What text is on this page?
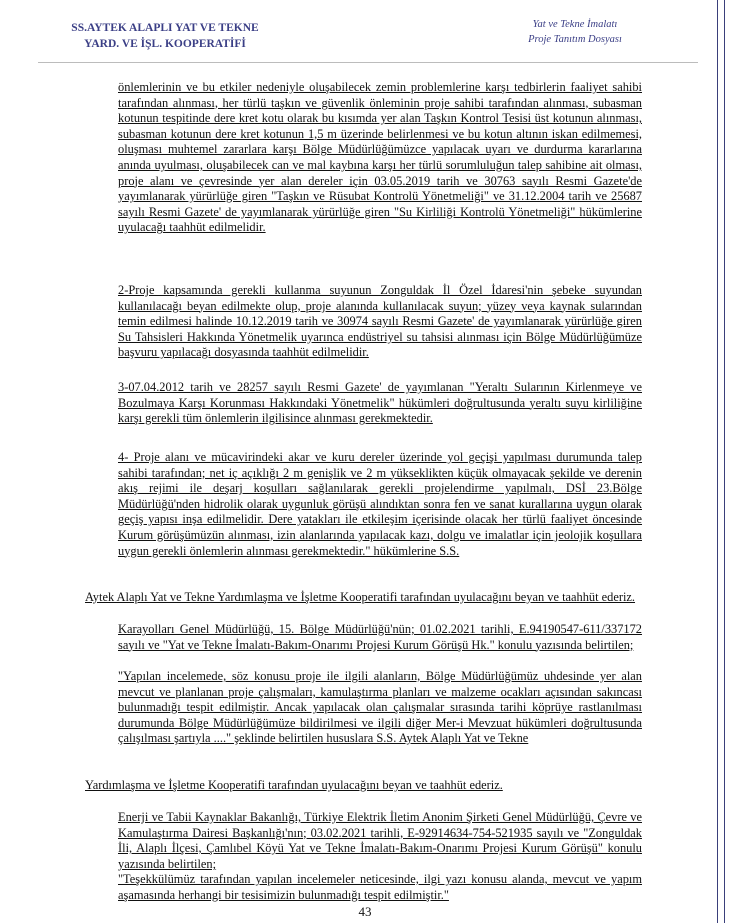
SS.AYTEK ALAPLI YAT VE TEKNE
YARD. VE İŞL. KOOPERATİFİ
Yat ve Tekne İmalatı
Proje Tanıtım Dosyası
önlemlerinin ve bu etkiler nedeniyle oluşabilecek zemin problemlerine karşı tedbirlerin faaliyet sahibi tarafından alınması, her türlü taşkın ve güvenlik önleminin proje sahibi tarafından alınması, subasman kotunun tespitinde dere kret kotu olarak bu kısımda yer alan Taşkın Kontrol Tesisi üst kotunun alınması, subasman kotunun dere kret kotunun 1,5 m üzerinde belirlenmesi ve bu kotun altının iskan edilmemesi, oluşması muhtemel zararlara karşı Bölge Müdürlüğümüzce yapılacak uyarı ve durdurma kararlarına anında uyulması, oluşabilecek can ve mal kaybına karşı her türlü sorumluluğun talep sahibine ait olması, proje alanı ve çevresinde yer alan dereler için 03.05.2019 tarih ve 30763 sayılı Resmi Gazete'de yayımlanarak yürürlüğe giren "Taşkın ve Rüsubat Kontrolü Yönetmeliği" ve 31.12.2004 tarih ve 25687 sayılı Resmi Gazete' de yayımlanarak yürürlüğe giren "Su Kirliliği Kontrolü Yönetmeliği" hükümlerine uyulacağı taahhüt edilmelidir.
2-Proje kapsamında gerekli kullanma suyunun Zonguldak İl Özel İdaresi'nin şebeke suyundan kullanılacağı beyan edilmekte olup, proje alanında kullanılacak suyun; yüzey veya kaynak sularından temin edilmesi halinde 10.12.2019 tarih ve 30974 sayılı Resmi Gazete' de yayımlanarak yürürlüğe giren Su Tahsisleri Hakkında Yönetmelik uyarınca endüstriyel su tahsisi alınması için Bölge Müdürlüğümüze başvuru yapılacağı dosyasında taahhüt edilmelidir.
3-07.04.2012 tarih ve 28257 sayılı Resmi Gazete' de yayımlanan "Yeraltı Sularının Kirlenmeye ve Bozulmaya Karşı Korunması Hakkındaki Yönetmelik" hükümleri doğrultusunda yeraltı suyu kirliliğine karşı gerekli tüm önlemlerin ilgilisince alınması gerekmektedir.
4- Proje alanı ve mücavirindeki akar ve kuru dereler üzerinde yol geçişi yapılması durumunda talep sahibi tarafından; net iç açıklığı 2 m genişlik ve 2 m yükseklikten küçük olmayacak şekilde ve derenin akış rejimi ile deşarj koşulları sağlanılarak gerekli projelendirme yapılmalı, DSİ 23.Bölge Müdürlüğü'nden hidrolik olarak uygunluk görüşü alındıktan sonra fen ve sanat kurallarına uygun olarak geçiş yapısı inşa edilmelidir. Dere yatakları ile etkileşim içerisinde olacak her türlü faaliyet öncesinde Kurum görüşümüzün alınması, izin alanlarında yapılacak kazı, dolgu ve imalatlar için jeolojik koşullara uygun gerekli önlemlerin alınması gerekmektedir." hükümlerine S.S.
Aytek Alaplı Yat ve Tekne Yardımlaşma ve İşletme Kooperatifi tarafından uyulacağını beyan ve taahhüt ederiz.
Karayolları Genel Müdürlüğü, 15. Bölge Müdürlüğü'nün; 01.02.2021 tarihli, E.94190547-611/337172 sayılı ve "Yat ve Tekne İmalatı-Bakım-Onarımı Projesi Kurum Görüşü Hk." konulu yazısında belirtilen;
"Yapılan incelemede, söz konusu proje ile ilgili alanların, Bölge Müdürlüğümüz uhdesinde yer alan mevcut ve planlanan proje çalışmaları, kamulaştırma planları ve malzeme ocakları açısından sakıncası bulunmadığı tespit edilmiştir. Ancak yapılacak olan çalışmalar sırasında tarihi köprüye rastlanılması durumunda Bölge Müdürlüğümüze bildirilmesi ve ilgili diğer Mer-i Mevzuat hükümleri doğrultusunda çalışılması şartıyla ...." şeklinde belirtilen hususlara S.S. Aytek Alaplı Yat ve Tekne
Yardımlaşma ve İşletme Kooperatifi tarafından uyulacağını beyan ve taahhüt ederiz.
Enerji ve Tabii Kaynaklar Bakanlığı, Türkiye Elektrik İletim Anonim Şirketi Genel Müdürlüğü, Çevre ve Kamulaştırma Dairesi Başkanlığı'nın; 03.02.2021 tarihli, E-92914634-754-521935 sayılı ve "Zonguldak İli, Alaplı İlçesi, Çamlıbel Köyü Yat ve Tekne İmalatı-Bakım-Onarımı Projesi Kurum Görüşü" konulu yazısında belirtilen;
"Teşekkülümüz tarafından yapılan incelemeler neticesinde, ilgi yazı konusu alanda, mevcut ve yapım aşamasında herhangi bir tesisimizin bulunmadığı tespit edilmiştir."
43
